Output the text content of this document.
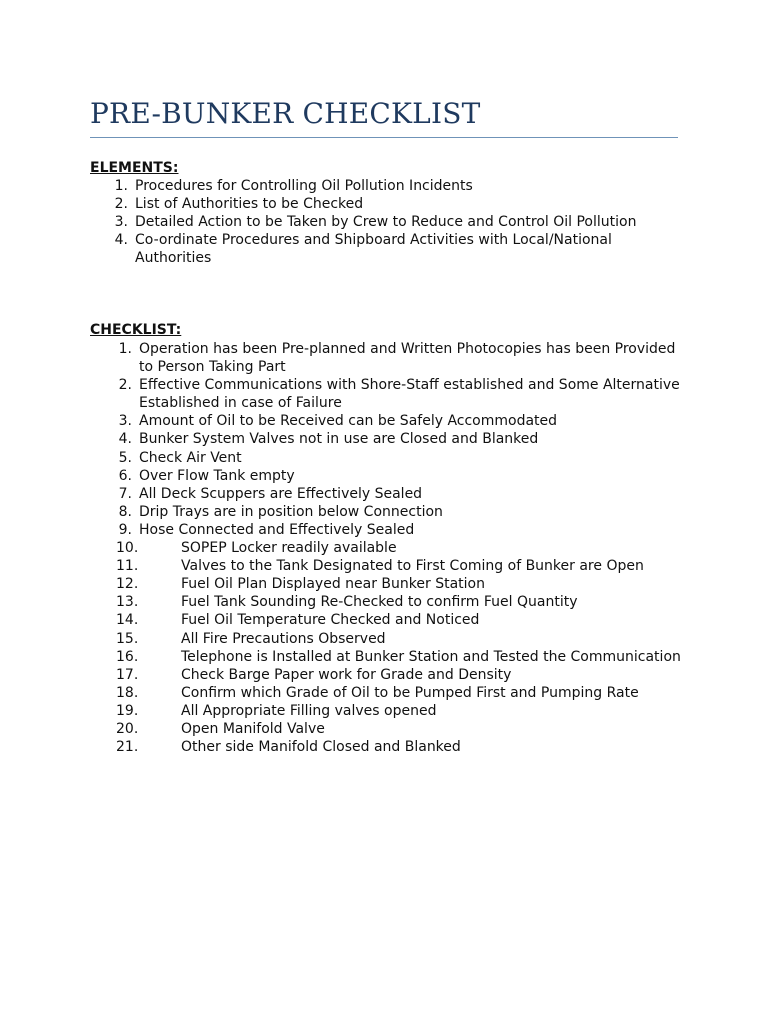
PRE-BUNKER CHECKLIST
ELEMENTS:
1. Procedures for Controlling Oil Pollution Incidents
2. List of Authorities to be Checked
3. Detailed Action to be Taken by Crew to Reduce and Control Oil Pollution
4. Co-ordinate Procedures and Shipboard Activities with Local/National Authorities
CHECKLIST:
1. Operation has been Pre-planned and Written Photocopies has been Provided to Person Taking Part
2. Effective Communications with Shore-Staff established and Some Alternative Established in case of Failure
3. Amount of Oil to be Received can be Safely Accommodated
4. Bunker System Valves not in use are Closed and Blanked
5. Check Air Vent
6. Over Flow Tank empty
7. All Deck Scuppers are Effectively Sealed
8. Drip Trays are in position below Connection
9. Hose Connected and Effectively Sealed
10.	SOPEP Locker readily available
11.	Valves to the Tank Designated to First Coming of Bunker are Open
12.	Fuel Oil Plan Displayed near Bunker Station
13.	Fuel Tank Sounding Re-Checked to confirm Fuel Quantity
14.	Fuel Oil Temperature Checked and Noticed
15.	All Fire Precautions Observed
16.	Telephone is Installed at Bunker Station and Tested the Communication
17.	Check Barge Paper work for Grade and Density
18.	Confirm which Grade of Oil to be Pumped First and Pumping Rate
19.	All Appropriate Filling valves opened
20.	Open Manifold Valve
21.	Other side Manifold Closed and Blanked
